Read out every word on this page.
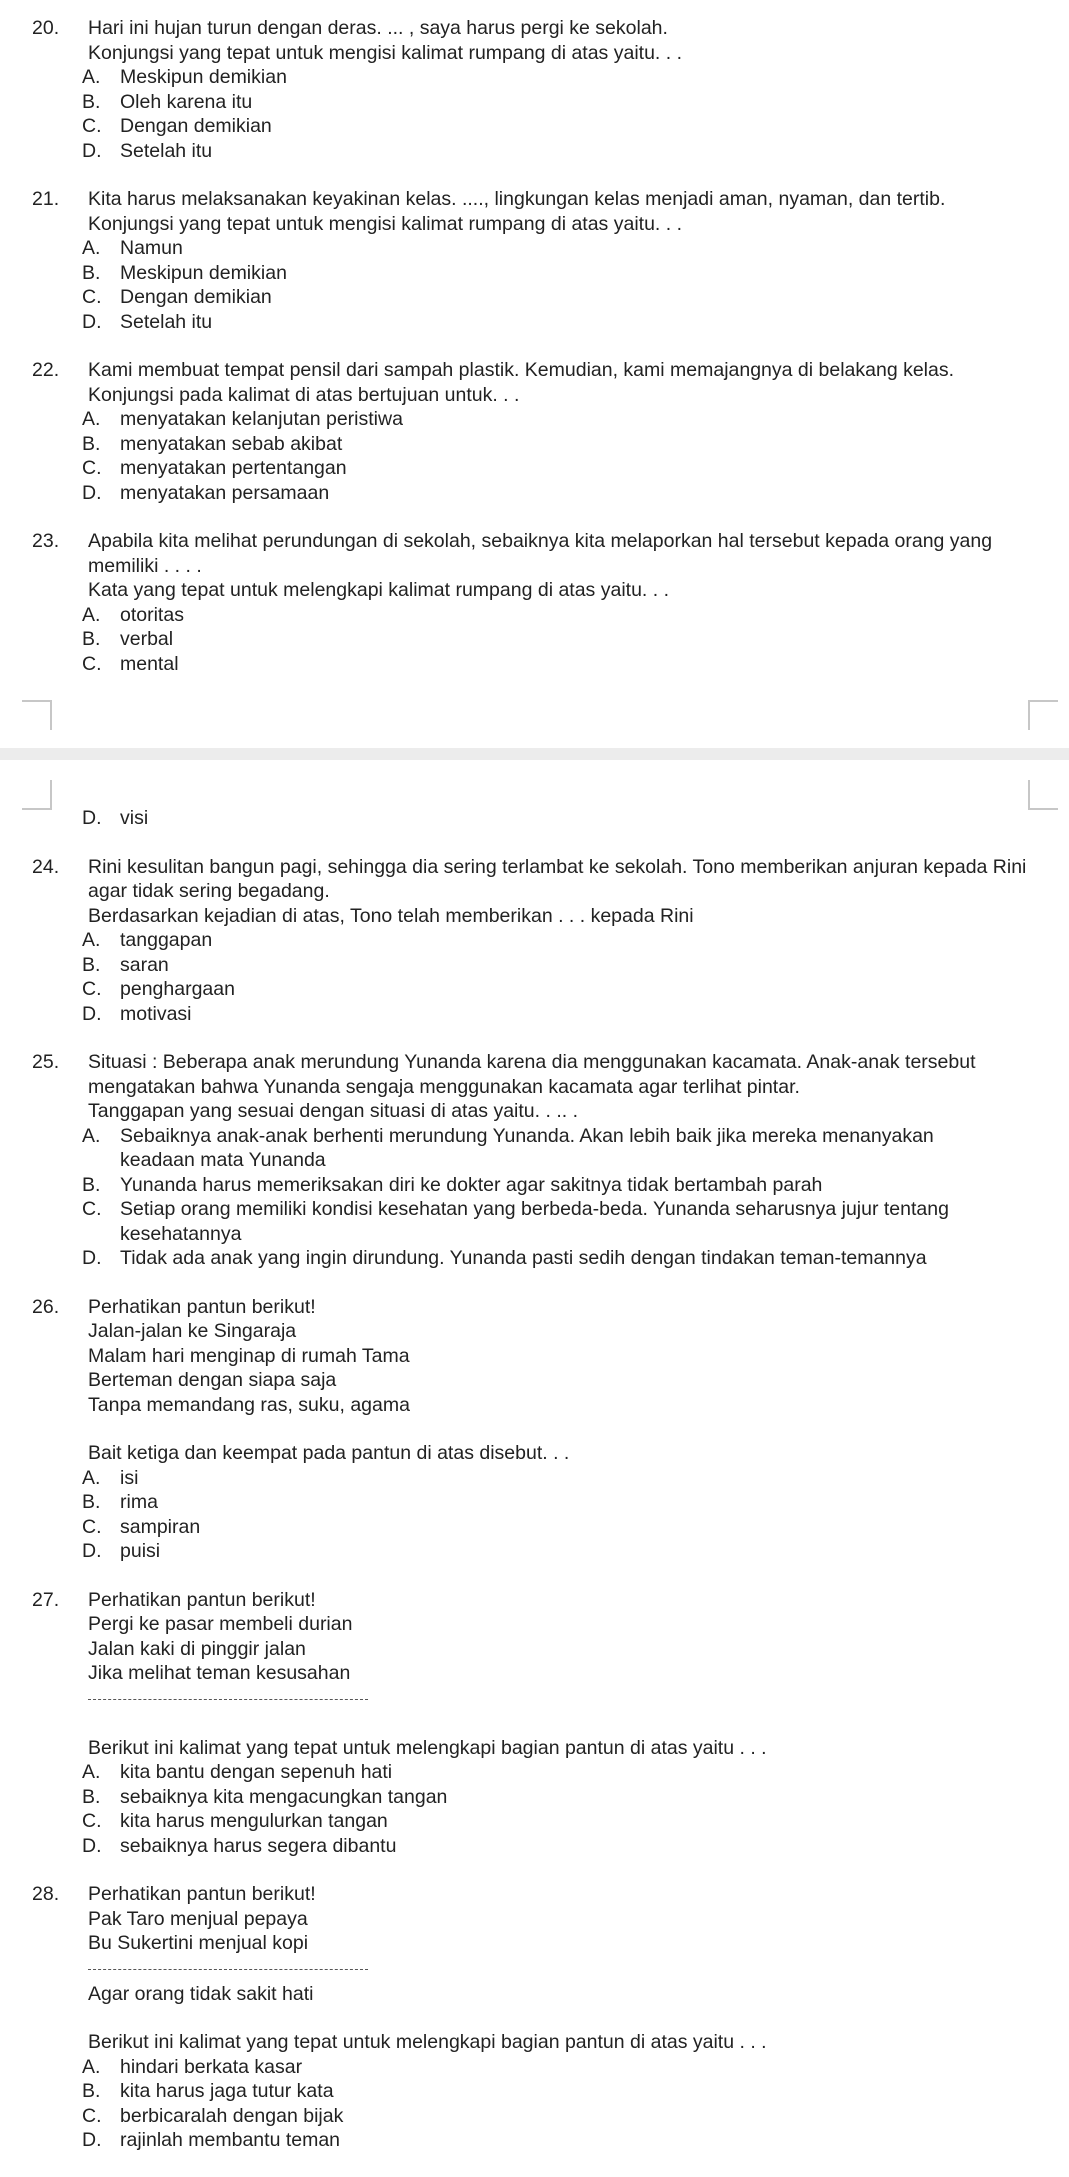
20.	Hari ini hujan turun dengan deras. ... , saya harus pergi ke sekolah.
Konjungsi yang tepat untuk mengisi kalimat rumpang di atas yaitu. . .
A.	Meskipun demikian
B.	Oleh karena itu
C. Dengan demikian
D. Setelah itu
21.	Kita harus melaksanakan keyakinan kelas. ...., lingkungan kelas menjadi aman, nyaman, dan tertib.
Konjungsi yang tepat untuk mengisi kalimat rumpang di atas yaitu. . .
A.	Namun
B.	Meskipun demikian
C. Dengan demikian
D. Setelah itu
22.	Kami membuat tempat pensil dari sampah plastik. Kemudian, kami memajangnya di belakang kelas.
Konjungsi pada kalimat di atas bertujuan untuk. . .
A.	menyatakan kelanjutan peristiwa
B.	menyatakan sebab akibat
C. menyatakan pertentangan
D. menyatakan persamaan
23.	Apabila kita melihat perundungan di sekolah, sebaiknya kita melaporkan hal tersebut kepada orang yang memiliki . . . .
Kata yang tepat untuk melengkapi kalimat rumpang di atas yaitu. . .
A.	otoritas
B.	verbal
C. mental
D. visi
24.	Rini kesulitan bangun pagi, sehingga dia sering terlambat ke sekolah. Tono memberikan anjuran kepada Rini agar tidak sering begadang.
Berdasarkan kejadian di atas, Tono telah memberikan . . . kepada Rini
A.	tanggapan
B.	saran
C. penghargaan
D. motivasi
25.	Situasi : Beberapa anak merundung Yunanda karena dia menggunakan kacamata. Anak-anak tersebut mengatakan bahwa Yunanda sengaja menggunakan kacamata agar terlihat pintar.
Tanggapan yang sesuai dengan situasi di atas yaitu. . .. .
A.	Sebaiknya anak-anak berhenti merundung Yunanda. Akan lebih baik jika mereka menanyakan
keadaan mata Yunanda
B.	Yunanda harus memeriksakan diri ke dokter agar sakitnya tidak bertambah parah
C. Setiap orang memiliki kondisi kesehatan yang berbeda-beda. Yunanda seharusnya jujur tentang
kesehatannya
D. Tidak ada anak yang ingin dirundung. Yunanda pasti sedih dengan tindakan teman-temannya
26.	Perhatikan pantun berikut!
Jalan-jalan ke Singaraja
Malam hari menginap di rumah Tama
Berteman dengan siapa saja
Tanpa memandang ras, suku, agama
Bait ketiga dan keempat pada pantun di atas disebut. . .
A.	isi
B.	rima
C. sampiran
D. puisi
27.	Perhatikan pantun berikut!
Pergi ke pasar membeli durian
Jalan kaki di pinggir jalan
Jika melihat teman kesusahan
Berikut ini kalimat yang tepat untuk melengkapi bagian pantun di atas yaitu . . .
A.	kita bantu dengan sepenuh hati
B.	sebaiknya kita mengacungkan tangan
C. kita harus mengulurkan tangan
D. sebaiknya harus segera dibantu
28.	Perhatikan pantun berikut!
Pak Taro menjual pepaya
Bu Sukertini menjual kopi
Agar orang tidak sakit hati
Berikut ini kalimat yang tepat untuk melengkapi bagian pantun di atas yaitu . . .
A.	hindari berkata kasar
B.	kita harus jaga tutur kata
C. berbicaralah dengan bijak
D. rajinlah membantu teman
